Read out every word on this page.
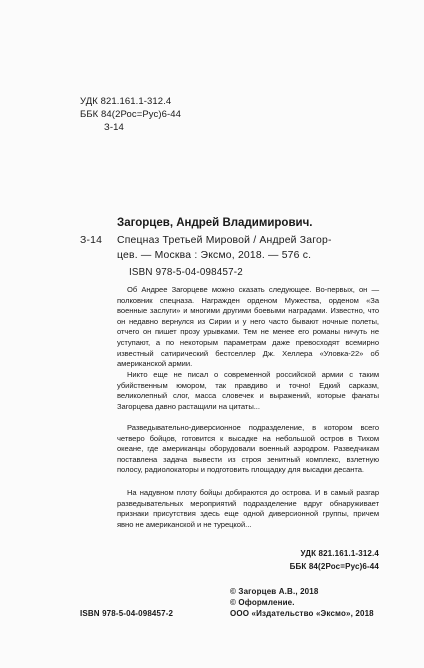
УДК 821.161.1-312.4
ББК 84(2Рос=Рус)6-44
З-14
Загорцев, Андрей Владимирович.
З-14 Спецназ Третьей Мировой / Андрей Загор-
цев. — Москва : Эксмо, 2018. — 576 с.
ISBN 978-5-04-098457-2

Об Андрее Загорцеве можно сказать следующее. Во-первых, он — полковник спецназа. Награжден орденом Мужества, орденом «За военные заслуги» и многими другими боевыми наградами. Известно, что он недавно вернулся из Сирии и у него часто бывают ночные полеты, отчего он пишет прозу урывками. Тем не менее его романы ничуть не уступают, а по некоторым параметрам даже превосходят всемирно известный сатирический бестселлер Дж. Хеллера «Уловка-22» об американской армии.

Никто еще не писал о современной российской армии с таким убийственным юмором, так правдиво и точно! Едкий сарказм, великолепный слог, масса словечек и выражений, которые фанаты Загорцева давно растащили на цитаты...

Разведывательно-диверсионное подразделение, в котором всего четверо бойцов, готовится к высадке на небольшой остров в Тихом океане, где американцы оборудовали военный аэродром. Разведчикам поставлена задача вывести из строя зенитный комплекс, взлетную полосу, радиолокаторы и подготовить площадку для высадки десанта.

На надувном плоту бойцы добираются до острова. И в самый разгар разведывательных мероприятий подразделение вдруг обнаруживает признаки присутствия здесь еще одной диверсионной группы, причем явно не американской и не турецкой...

УДК 821.161.1-312.4
ББК 84(2Рос=Рус)6-44
© Загорцев А.В., 2018
© Оформление.
ISBN 978-5-04-098457-2	ООО «Издательство «Эксмо», 2018
